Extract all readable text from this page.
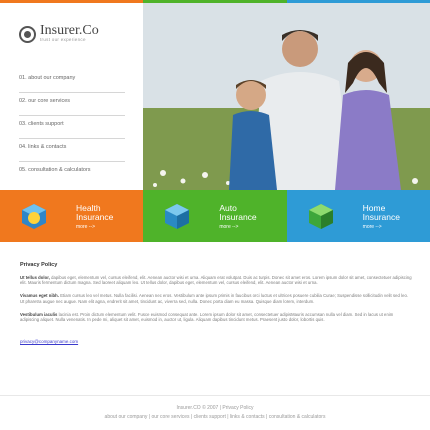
Insurer.Co
trust our experience
01. about our company
02. our core services
03. clients support
04. links & contacts
05. consultation & calculators
Health
Insurance
more -->
Auto
Insurance
more -->
Home
Insurance
more -->
Privacy Policy

Ut tellus dolor, dapibus eget, elementum vel, cursus eleifend, elit. Aenean auctor wisi et urna. Aliquam erat volutpat. Duis ac turpis. Donec sit amet eros. Lorem ipsum dolor sit amet, consectetuer adipiscing elit. Mauris fermentum dictum magna. Sed laoreet aliquam leo. Ut tellus dolor, dapibus eget, elementum vel, cursus eleifend, elit. Aenean auctor wisi et urna.

Vivamus eget nibh. Etiam cursus leo vel metus. Nulla facilisi. Aenean nec eros. Vestibulum ante ipsum primis in faucibus orci luctus et ultrices posuere cubilia Curae; Suspendisse sollicitudin velit sed leo. Ut pharetra augue nec augue. Nam elit agna, endrerit sit amet, tincidunt ac, viverra sed, nulla. Donec porta diam eu massa. Quisque diam lorem, interdum.

Vestibulum iaculis lacinia est. Proin dictum elementum velit. Fusce euismod consequat ante. Lorem ipsum dolor sit amet, consectetuer adipisMauris accumsan nulla vel diam. Sed in lacus ut enim adipiscing aliquet. Nulla venenatis. In pede mi, aliquet sit amet, euismod in, auctor ut, ligula. Aliquam dapibus tincidunt metus. Praesent justo dolor, lobortis quis.

privacy@companyname.com
Insurer.CO © 2007 | Privacy Policy
about our company | our core services | clients support | links & contacts | consultation & calculators
